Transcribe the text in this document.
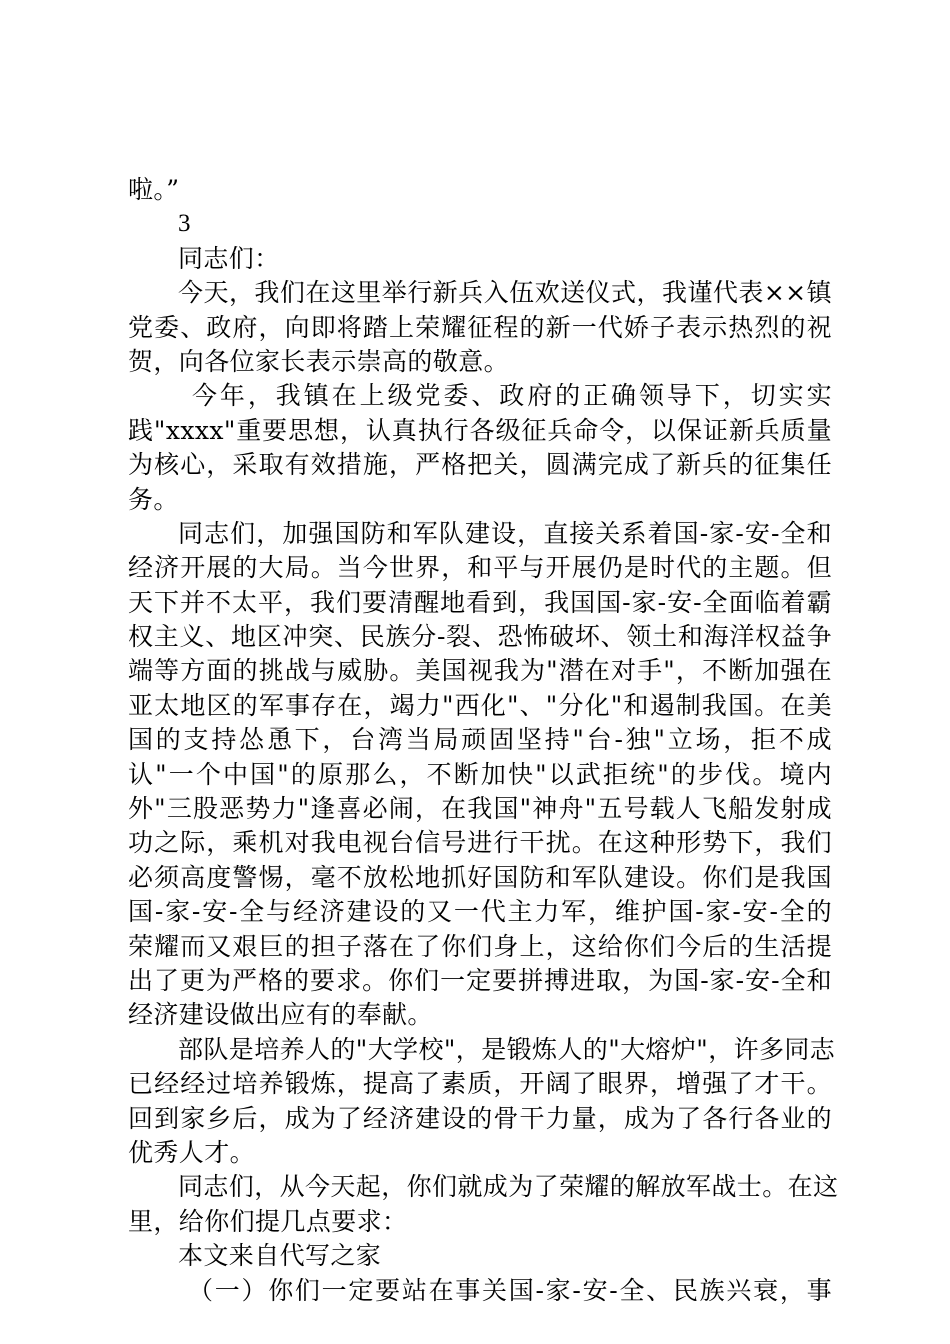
啦。”
3
同志们：
今天，我们在这里举行新兵入伍欢送仪式，我谨代表××镇
党委、政府，向即将踏上荣耀征程的新一代娇子表示热烈的祝
贺，向各位家长表示崇高的敬意。
今年，我镇在上级党委、政府的正确领导下，切实实
践"xxxx"重要思想，认真执行各级征兵命令，以保证新兵质量
为核心，采取有效措施，严格把关，圆满完成了新兵的征集任
务。
同志们，加强国防和军队建设，直接关系着国-家-安-全和
经济开展的大局。当今世界，和平与开展仍是时代的主题。但
天下并不太平，我们要清醒地看到，我国国-家-安-全面临着霸
权主义、地区冲突、民族分-裂、恐怖破坏、领土和海洋权益争
端等方面的挑战与威胁。美国视我为"潜在对手"，不断加强在
亚太地区的军事存在，竭力"西化"、"分化"和遏制我国。在美
国的支持怂恿下，台湾当局顽固坚持"台-独"立场，拒不成
认"一个中国"的原那么，不断加快"以武拒统"的步伐。境内
外"三股恶势力"逢喜必闹，在我国"神舟"五号载人飞船发射成
功之际，乘机对我电视台信号进行干扰。在这种形势下，我们
必须高度警惕，毫不放松地抓好国防和军队建设。你们是我国
国-家-安-全与经济建设的又一代主力军，维护国-家-安-全的
荣耀而又艰巨的担子落在了你们身上，这给你们今后的生活提
出了更为严格的要求。你们一定要拼搏进取，为国-家-安-全和
经济建设做出应有的奉献。
部队是培养人的"大学校"，是锻炼人的"大熔炉"，许多同志
已经经过培养锻炼，提高了素质，开阔了眼界，增强了才干。
回到家乡后，成为了经济建设的骨干力量，成为了各行各业的
优秀人才。
同志们，从今天起，你们就成为了荣耀的解放军战士。在这
里，给你们提几点要求：
本文来自代写之家
（一）你们一定要站在事关国-家-安-全、民族兴衰，事
